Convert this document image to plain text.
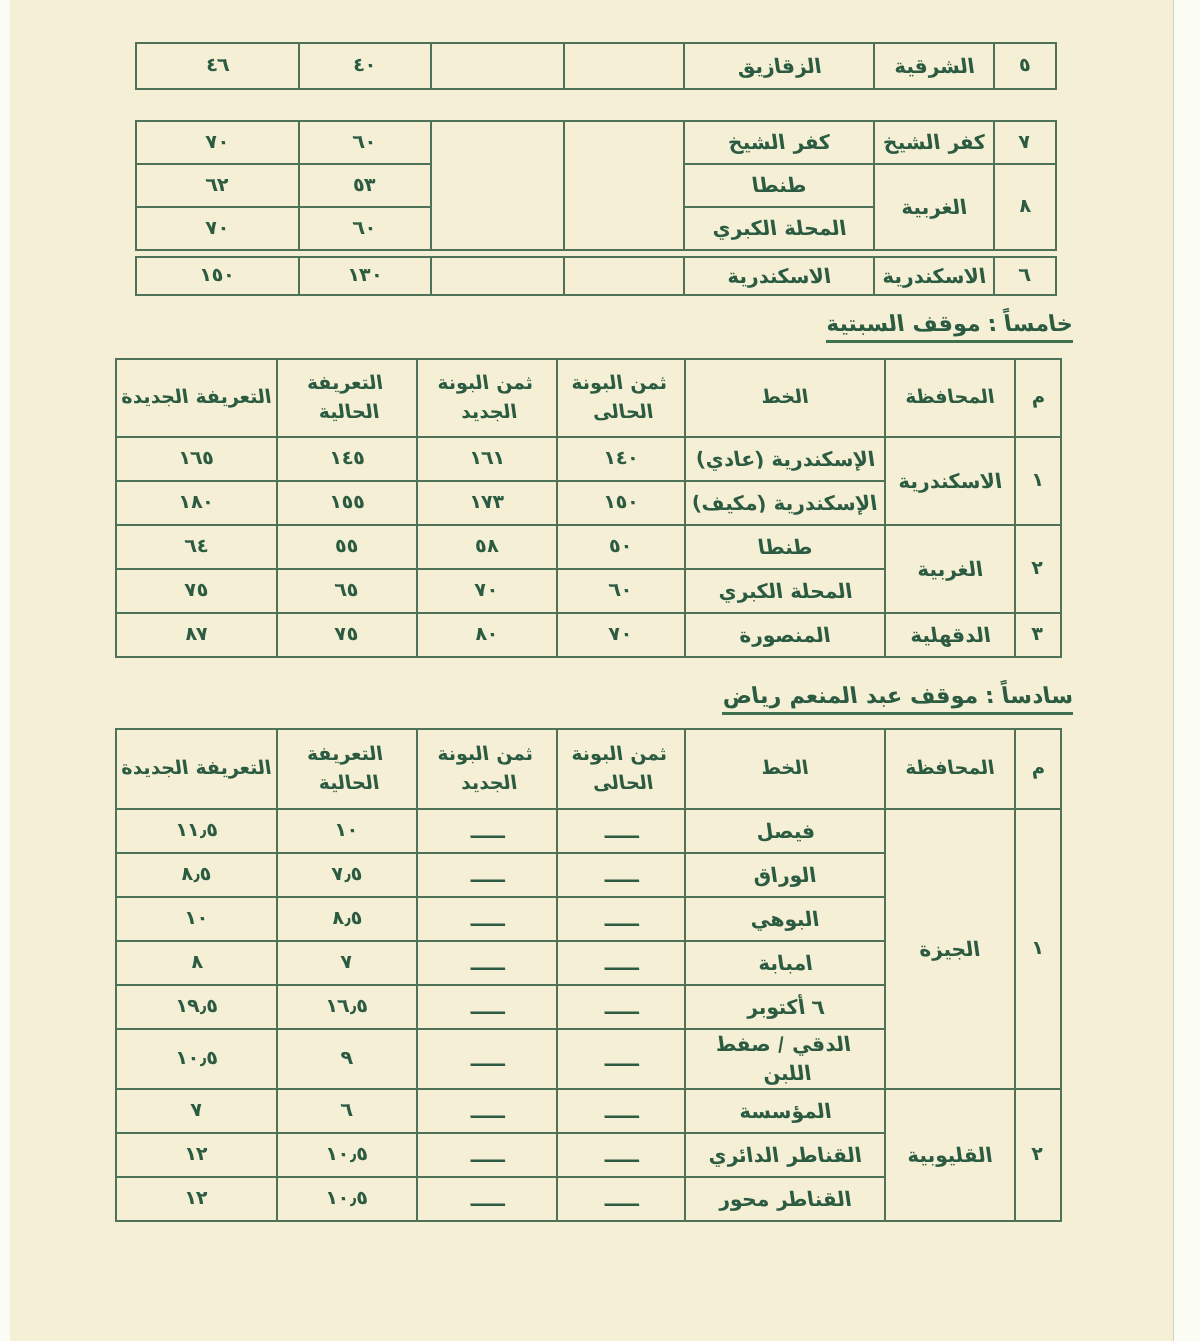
٥	الشرقية	الزقازيق			٤٠	٤٦
٧	كفر الشيخ	كفر الشيخ			٦٠	٧٠
٨	الغربية	طنطا			٥٣	٦٢
		المحلة الكبري			٦٠	٧٠
٦	الاسكندرية	الاسكندرية			١٣٠	١٥٠
خامساً : موقف السبتية
م	المحافظة	الخط	ثمن البونة الحالى	ثمن البونة الجديد	التعريفة الحالية	التعريفة الجديدة
١	الاسكندرية	الإسكندرية (عادي)	١٤٠	١٦١	١٤٥	١٦٥
		الإسكندرية (مكيف)	١٥٠	١٧٣	١٥٥	١٨٠
٢	الغربية	طنطا	٥٠	٥٨	٥٥	٦٤
		المحلة الكبري	٦٠	٧٠	٦٥	٧٥
٣	الدقهلية	المنصورة	٧٠	٨٠	٧٥	٨٧
سادساً : موقف عبد المنعم رياض
م	المحافظة	الخط	ثمن البونة الحالى	ثمن البونة الجديد	التعريفة الحالية	التعريفة الجديدة
١	الجيزة	فيصل	ـــــ	ـــــ	١٠	١١٫٥
		الوراق	ـــــ	ـــــ	٧٫٥	٨٫٥
		البوهي	ـــــ	ـــــ	٨٫٥	١٠
		امبابة	ـــــ	ـــــ	٧	٨
		٦ أكتوبر	ـــــ	ـــــ	١٦٫٥	١٩٫٥
		الدقي / صفط اللبن	ـــــ	ـــــ	٩	١٠٫٥
٢	القليوبية	المؤسسة	ـــــ	ـــــ	٦	٧
		القناطر الدائري	ـــــ	ـــــ	١٠٫٥	١٢
		القناطر محور	ـــــ	ـــــ	١٠٫٥	١٢
